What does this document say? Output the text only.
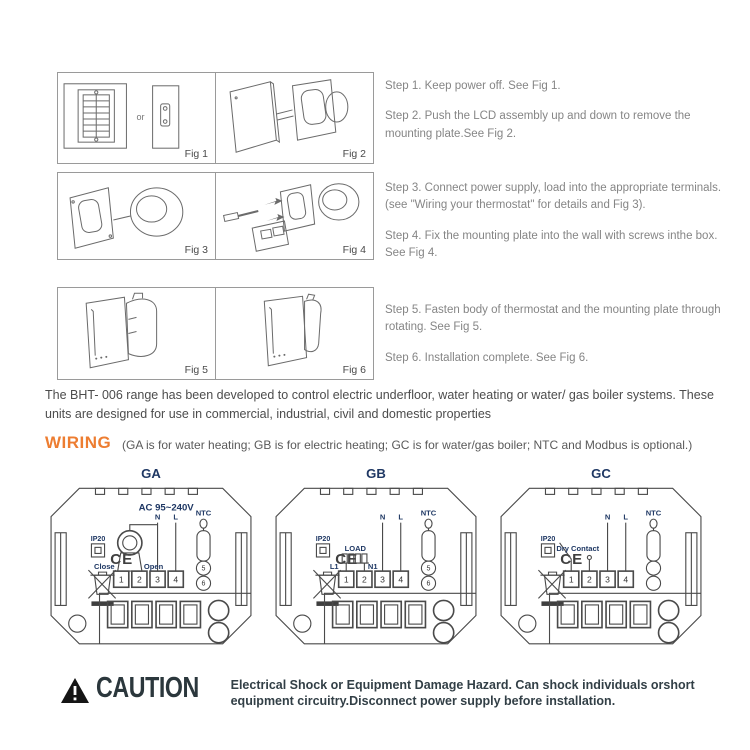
or
Fig 1	Fig 2

Step 1. Keep power off. See Fig 1.

Step 2. Push the LCD assembly up and down to remove the mounting plate.See Fig 2.

Fig 3	Fig 4

Step 3. Connect power supply, load into the appropriate terminals. (see "Wiring your thermostat" for details and Fig 3).

Step 4. Fix the mounting plate into the wall with screws inthe box. See Fig 4.

Fig 5	Fig 6

Step 5. Fasten body of thermostat and the mounting plate through rotating. See Fig 5.

Step 6. Installation complete. See Fig 6.

The BHT- 006 range has been developed to control electric underfloor, water heating or water/ gas boiler systems. These units are designed for use in commercial, industrial, civil and domestic properties
WIRING (GA is for water heating; GB is for electric heating; GC is for water/gas boiler; NTC and Modbus is optional.)
GA
IP20
CE
1 2 3 4
AC 95~240V
N L
Close	Open
NTC
5
6
GB
IP20
CE
1 2 3 4
N L
LOAD
L1	N1
NTC
5
6
GC
IP20
CE
1 2 3 4
N L
Dry Contact
NTC
CAUTION	Electrical Shock or Equipment Damage Hazard. Can shock individuals orshort
equipment circuitry.Disconnect power supply before installation.
